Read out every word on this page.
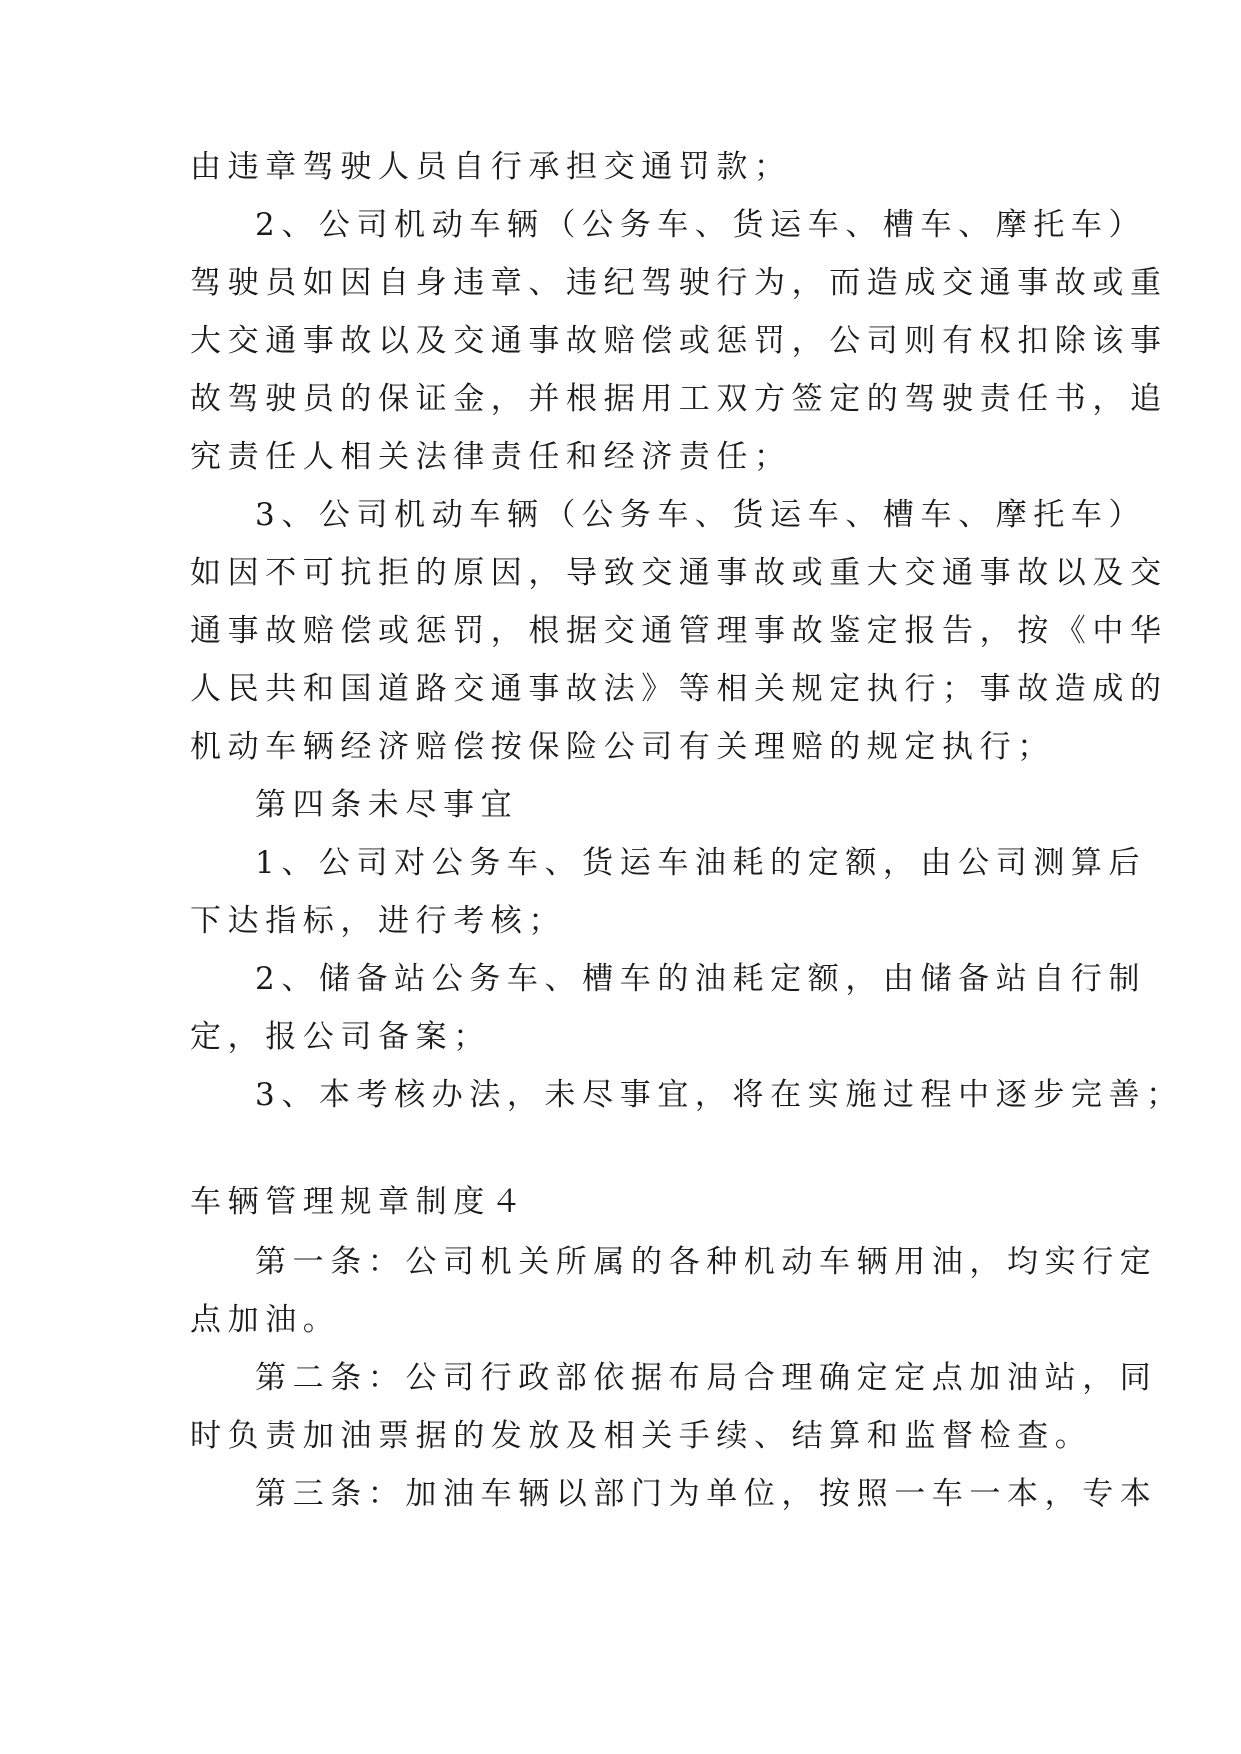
由违章驾驶人员自行承担交通罚款；
2、公司机动车辆（公务车、货运车、槽车、摩托车）
驾驶员如因自身违章、违纪驾驶行为，而造成交通事故或重
大交通事故以及交通事故赔偿或惩罚，公司则有权扣除该事
故驾驶员的保证金，并根据用工双方签定的驾驶责任书，追
究责任人相关法律责任和经济责任；
3、公司机动车辆（公务车、货运车、槽车、摩托车）
如因不可抗拒的原因，导致交通事故或重大交通事故以及交
通事故赔偿或惩罚，根据交通管理事故鉴定报告，按《中华
人民共和国道路交通事故法》等相关规定执行；事故造成的
机动车辆经济赔偿按保险公司有关理赔的规定执行；
第四条未尽事宜
1、公司对公务车、货运车油耗的定额，由公司测算后
下达指标，进行考核；
2、储备站公务车、槽车的油耗定额，由储备站自行制
定，报公司备案；
3、本考核办法，未尽事宜，将在实施过程中逐步完善；
车辆管理规章制度４
第一条：公司机关所属的各种机动车辆用油，均实行定
点加油。
第二条：公司行政部依据布局合理确定定点加油站，同
时负责加油票据的发放及相关手续、结算和监督检查。
第三条：加油车辆以部门为单位，按照一车一本，专本
